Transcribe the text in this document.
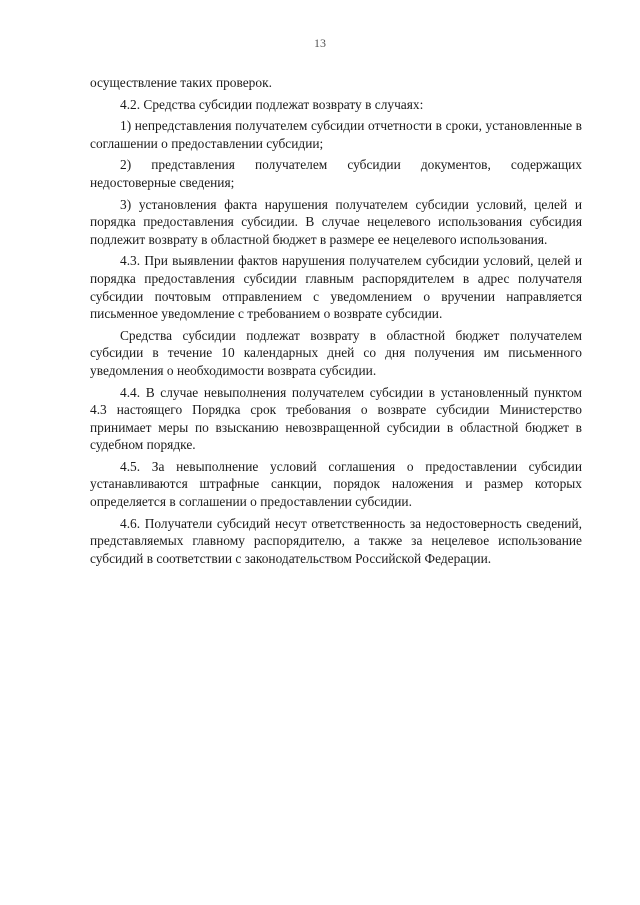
13

осуществление таких проверок.

4.2. Средства субсидии подлежат возврату в случаях:

1) непредставления получателем субсидии отчетности в сроки, установленные в соглашении о предоставлении субсидии;

2) представления получателем субсидии документов, содержащих недостоверные сведения;

3) установления факта нарушения получателем субсидии условий, целей и порядка предоставления субсидии. В случае нецелевого использования субсидия подлежит возврату в областной бюджет в размере ее нецелевого использования.

4.3. При выявлении фактов нарушения получателем субсидии условий, целей и порядка предоставления субсидии главным распорядителем в адрес получателя субсидии почтовым отправлением с уведомлением о вручении направляется письменное уведомление с требованием о возврате субсидии.

Средства субсидии подлежат возврату в областной бюджет получателем субсидии в течение 10 календарных дней со дня получения им письменного уведомления о необходимости возврата субсидии.

4.4. В случае невыполнения получателем субсидии в установленный пунктом 4.3 настоящего Порядка срок требования о возврате субсидии Министерство принимает меры по взысканию невозвращенной субсидии в областной бюджет в судебном порядке.

4.5. За невыполнение условий соглашения о предоставлении субсидии устанавливаются штрафные санкции, порядок наложения и размер которых определяется в соглашении о предоставлении субсидии.

4.6. Получатели субсидий несут ответственность за недостоверность сведений, представляемых главному распорядителю, а также за нецелевое использование субсидий в соответствии с законодательством Российской Федерации.
